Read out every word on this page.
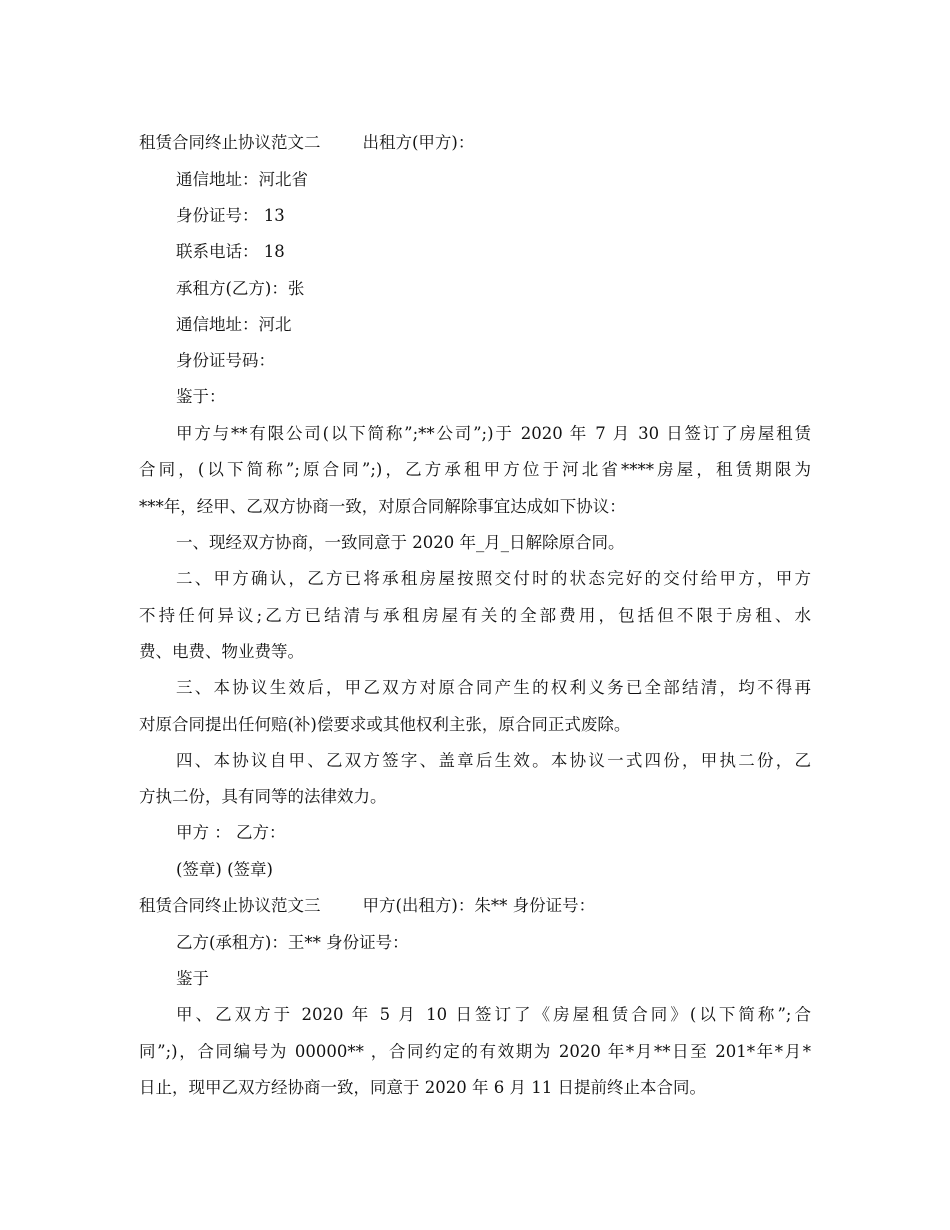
租赁合同终止协议范文二        出租方(甲方)：
通信地址：河北省
身份证号： 13
联系电话： 18
承租方(乙方)：张
通信地址：河北
身份证号码：
鉴于：
甲方与**有限公司(以下简称”;**公司”;)于 2020 年 7 月 30 日签订了房屋租赁
合同，(以下简称”;原合同”;)，乙方承租甲方位于河北省****房屋，租赁期限为
***年，经甲、乙双方协商一致，对原合同解除事宜达成如下协议：
一、现经双方协商，一致同意于 2020 年_月_日解除原合同。
二、甲方确认，乙方已将承租房屋按照交付时的状态完好的交付给甲方，甲方
不持任何异议;乙方已结清与承租房屋有关的全部费用，包括但不限于房租、水
费、电费、物业费等。
三、本协议生效后，甲乙双方对原合同产生的权利义务已全部结清，均不得再
对原合同提出任何赔(补)偿要求或其他权利主张，原合同正式废除。
四、本协议自甲、乙双方签字、盖章后生效。本协议一式四份，甲执二份，乙
方执二份，具有同等的法律效力。
甲方 ： 乙方：
(签章) (签章)
租赁合同终止协议范文三        甲方(出租方)：朱** 身份证号：
乙方(承租方)：王** 身份证号：
鉴于
甲、乙双方于 2020 年 5 月 10 日签订了《房屋租赁合同》(以下简称”;合
同”;)，合同编号为 00000** ，合同约定的有效期为 2020 年*月**日至 201*年*月*
日止，现甲乙双方经协商一致，同意于 2020 年 6 月 11 日提前终止本合同。
